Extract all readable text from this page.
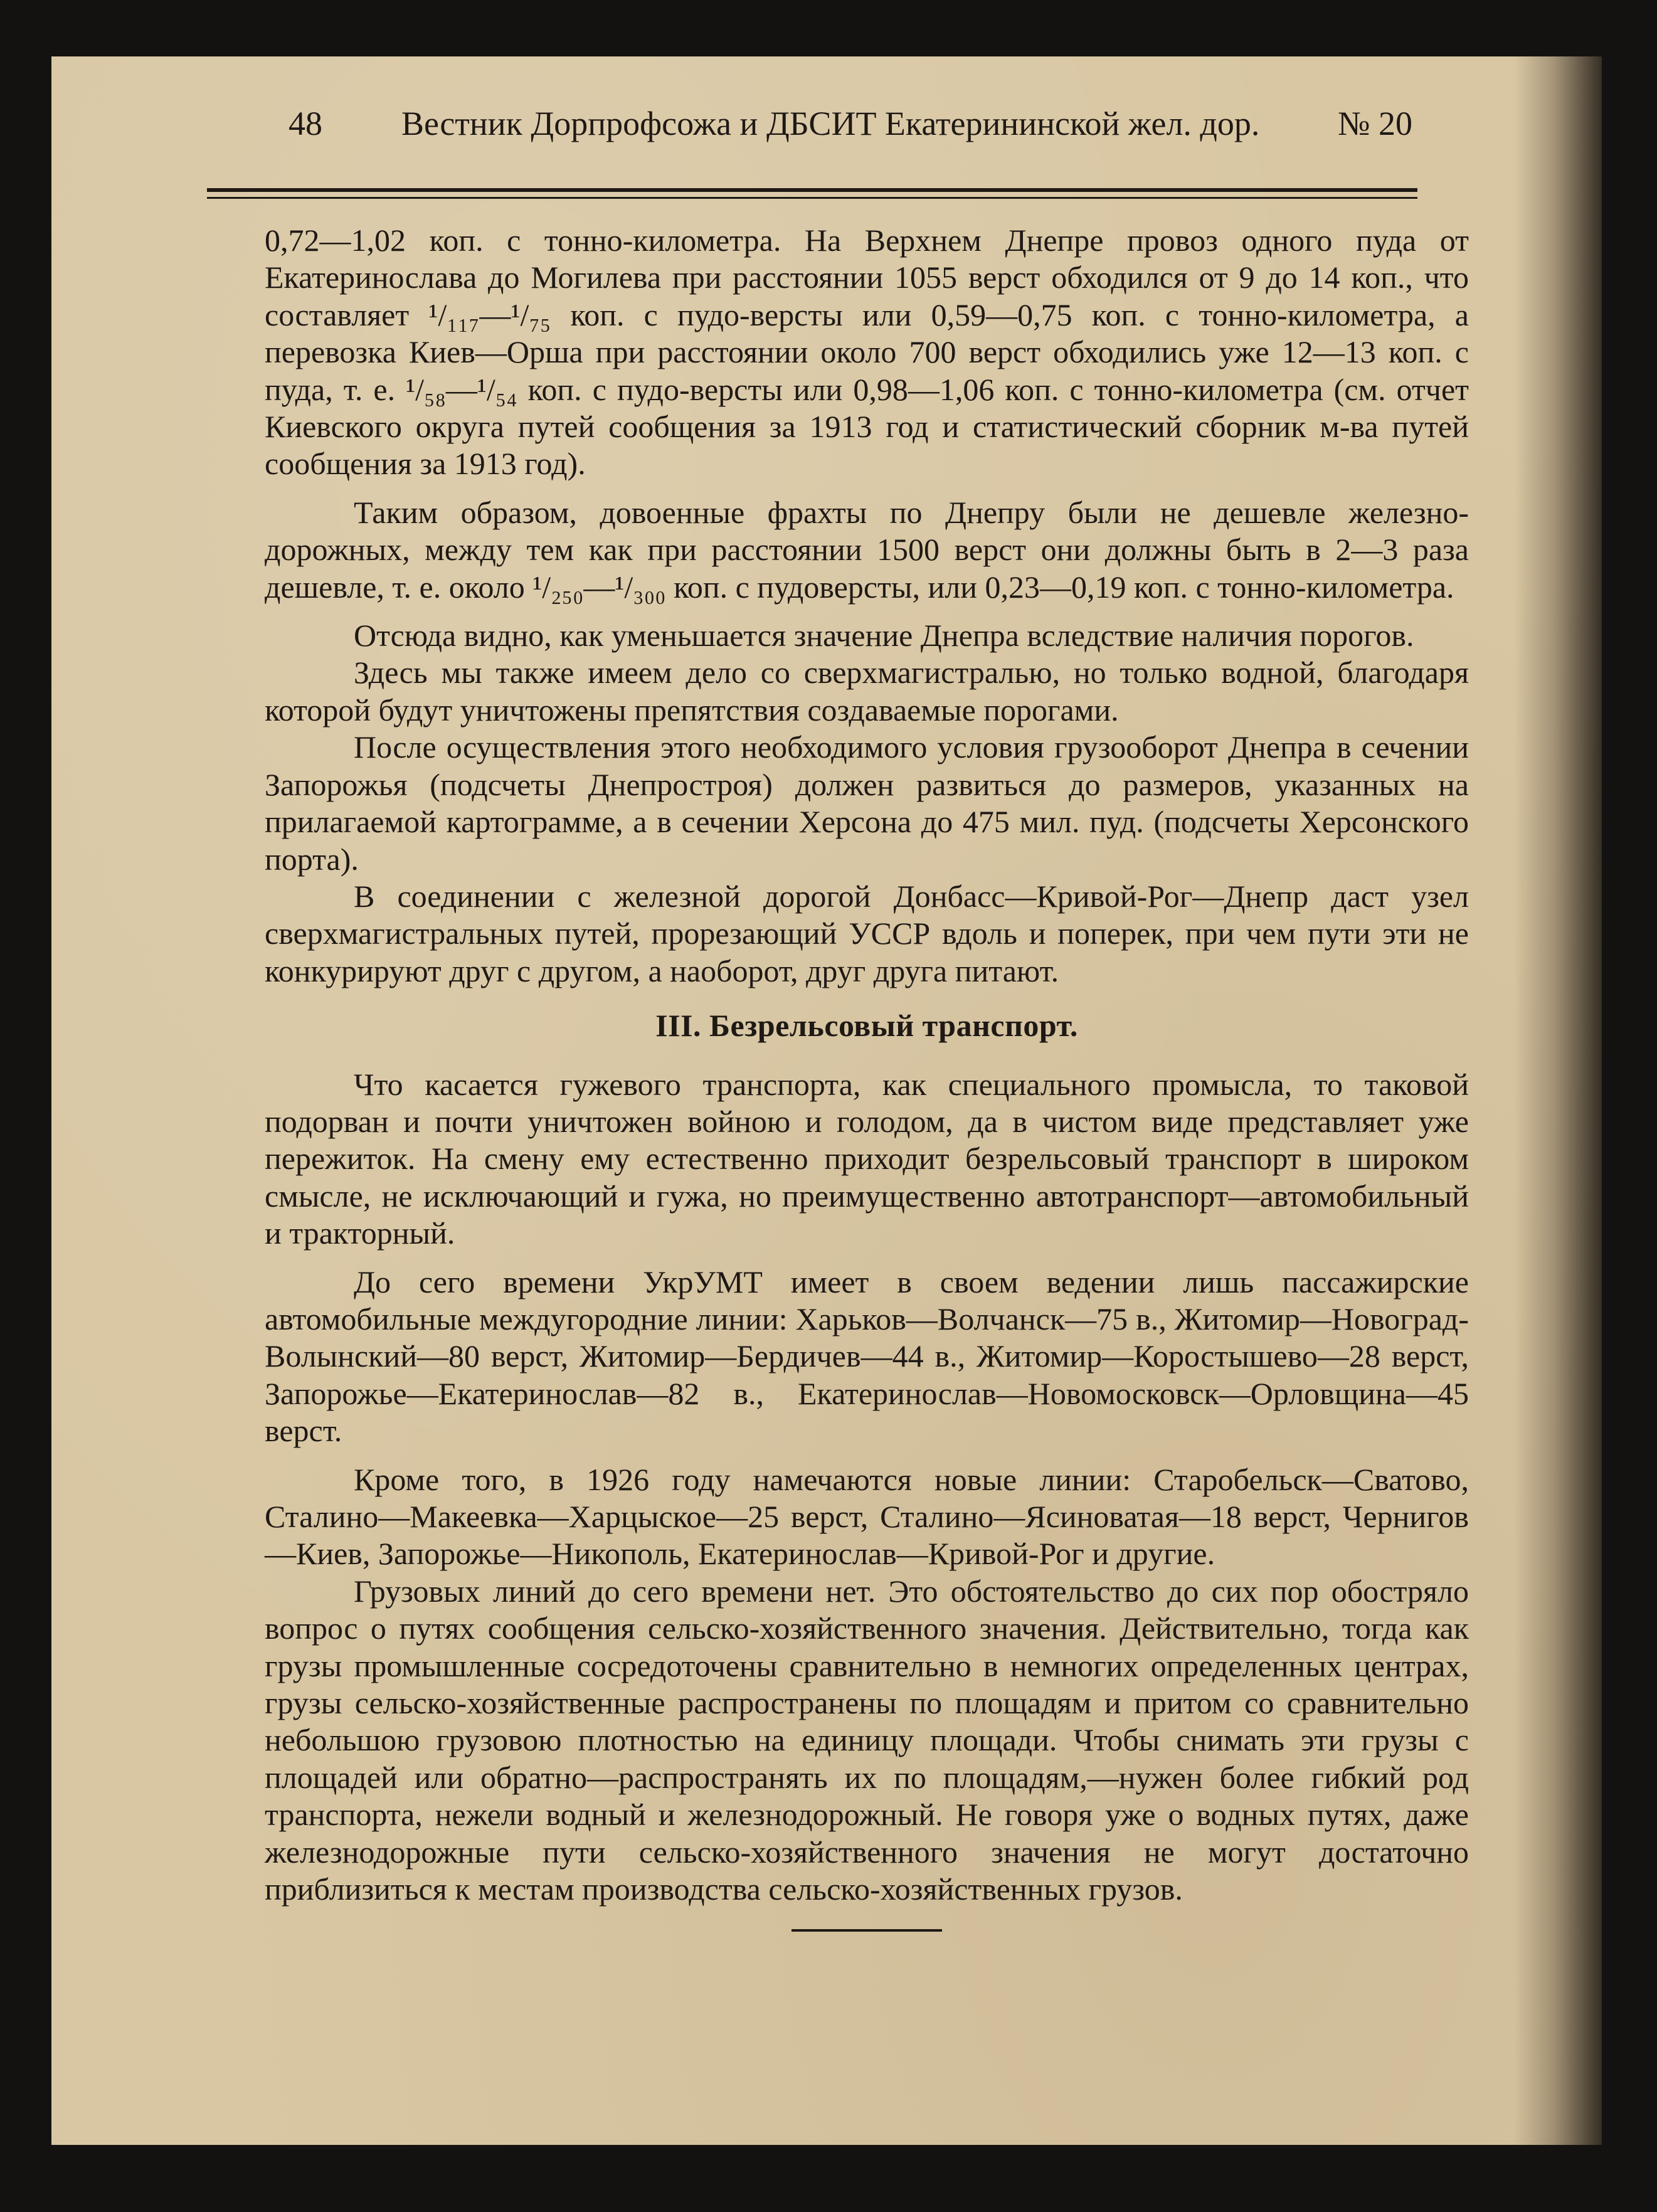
48 Вестник Дорпрофсожа и ДБСИТ Екатерининской жел. дор. № 20

0,72—1,02 коп. с тонно-километра. На Верхнем Днепре провоз одного пуда от Екатеринослава до Могилева при расстоянии 1055 верст обходился от 9 до 14 коп., что составляет ¹/₁₁₇—¹/₇₅ коп. с пудо-версты или 0,59—0,75 коп. с тонно-километра, а перевозка Киев—Орша при расстоянии около 700 верст обходились уже 12—13 коп. с пуда, т. е. ¹/₅₈—¹/₅₄ коп. с пудо-версты или 0,98—1,06 коп. с тонно-километра (см. отчет Киевского округа путей сообщения за 1913 год и статистический сборник м-ва путей сообщения за 1913 год).

Таким образом, довоенные фрахты по Днепру были не дешевле железно-дорожных, между тем как при расстоянии 1500 верст они должны быть в 2—3 раза дешевле, т. е. около ¹/₂₅₀—¹/₃₀₀ коп. с пудоверсты, или 0,23—0,19 коп. с тонно-километра.

Отсюда видно, как уменьшается значение Днепра вследствие наличия порогов.

Здесь мы также имеем дело со сверхмагистралью, но только водной, благодаря которой будут уничтожены препятствия создаваемые порогами.

После осуществления этого необходимого условия грузооборот Днепра в сечении Запорожья (подсчеты Днепростроя) должен развиться до размеров, указанных на прилагаемой картограмме, а в сечении Херсона до 475 мил. пуд. (подсчеты Херсонского порта).

В соединении с железной дорогой Донбасс—Кривой-Рог—Днепр даст узел сверхмагистральных путей, прорезающий УССР вдоль и поперек, при чем пути эти не конкурируют друг с другом, а наоборот, друг друга питают.

III. Безрельсовый транспорт.

Что касается гужевого транспорта, как специального промысла, то таковой подорван и почти уничтожен войною и голодом, да в чистом виде представляет уже пережиток. На смену ему естественно приходит безрельсовый транспорт в широком смысле, не исключающий и гужа, но преимущественно автотранспорт—автомобильный и тракторный.

До сего времени УкрУМТ имеет в своем ведении лишь пассажирские автомобильные междугородние линии: Харьков—Волчанск—75 в., Житомир—Новоград-Волынский—80 верст, Житомир—Бердичев—44 в., Житомир—Коростышево—28 верст, Запорожье—Екатеринослав—82 в., Екатеринослав—Новомосковск—Орловщина—45 верст.

Кроме того, в 1926 году намечаются новые линии: Старобельск—Сватово, Сталино—Макеевка—Харцыское—25 верст, Сталино—Ясиноватая—18 верст, Чернигов—Киев, Запорожье—Никополь, Екатеринослав—Кривой-Рог и другие.

Грузовых линий до сего времени нет. Это обстоятельство до сих пор обостряло вопрос о путях сообщения сельско-хозяйственного значения. Действительно, тогда как грузы промышленные сосредоточены сравнительно в немногих определенных центрах, грузы сельско-хозяйственные распространены по площадям и притом со сравнительно небольшою грузовою плотностью на единицу площади. Чтобы снимать эти грузы с площадей или обратно—распространять их по площадям,—нужен более гибкий род транспорта, нежели водный и железнодорожный. Не говоря уже о водных путях, даже железнодорожные пути сельско-хозяйственного значения не могут достаточно приблизиться к местам производства сельско-хозяйственных грузов.
